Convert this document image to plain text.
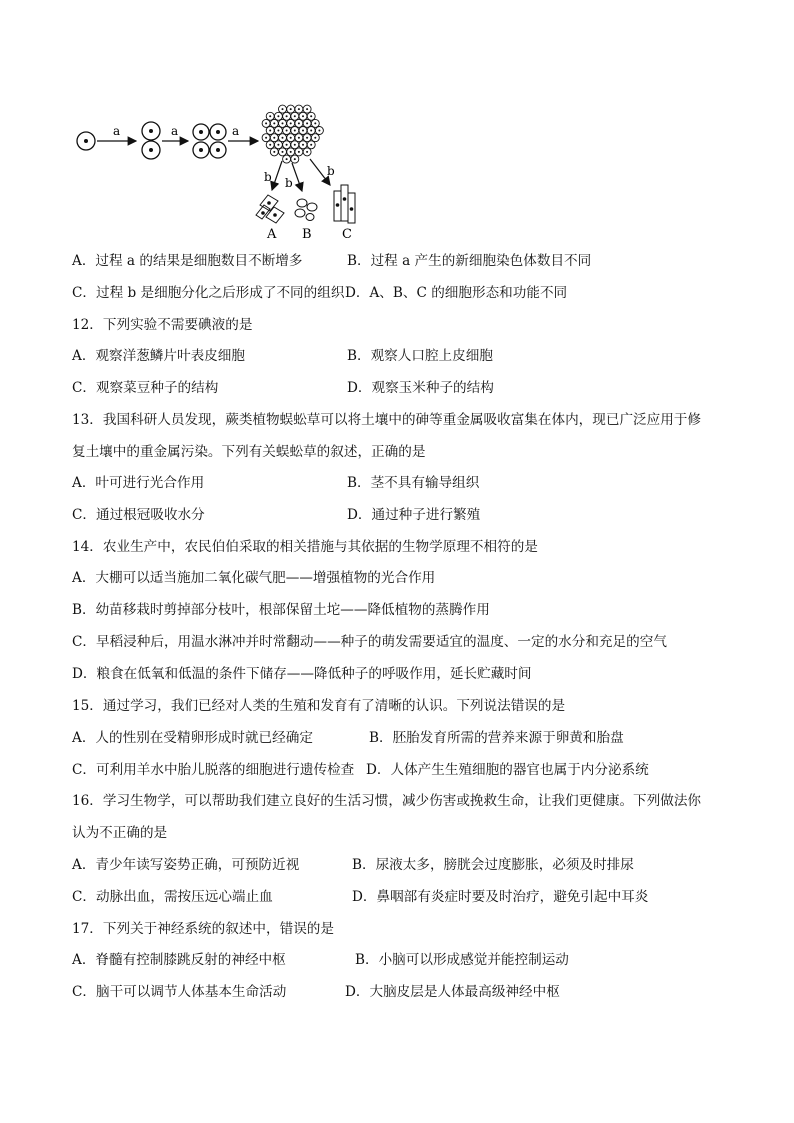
a	a	a
b b
b
A B C
A．过程 a 的结果是细胞数目不断增多	B．过程 a 产生的新细胞染色体数目不同
C．过程 b 是细胞分化之后形成了不同的组织 D．A、B、C 的细胞形态和功能不同
12．下列实验不需要碘液的是
A．观察洋葱鳞片叶表皮细胞	B．观察人口腔上皮细胞
C．观察菜豆种子的结构	D．观察玉米种子的结构
13．我国科研人员发现，蕨类植物蜈蚣草可以将土壤中的砷等重金属吸收富集在体内，现已广泛应用于修
复土壤中的重金属污染。下列有关蜈蚣草的叙述，正确的是
A．叶可进行光合作用	B．茎不具有输导组织
C．通过根冠吸收水分	D．通过种子进行繁殖
14．农业生产中，农民伯伯采取的相关措施与其依据的生物学原理不相符的是
A．大棚可以适当施加二氧化碳气肥——增强植物的光合作用
B．幼苗移栽时剪掉部分枝叶，根部保留土坨——降低植物的蒸腾作用
C．早稻浸种后，用温水淋冲并时常翻动——种子的萌发需要适宜的温度、一定的水分和充足的空气
D．粮食在低氧和低温的条件下储存——降低种子的呼吸作用，延长贮藏时间
15．通过学习，我们已经对人类的生殖和发育有了清晰的认识。下列说法错误的是
A．人的性别在受精卵形成时就已经确定	B．胚胎发育所需的营养来源于卵黄和胎盘
C．可利用羊水中胎儿脱落的细胞进行遗传检查 D．人体产生生殖细胞的器官也属于内分泌系统
16．学习生物学，可以帮助我们建立良好的生活习惯，减少伤害或挽救生命，让我们更健康。下列做法你
认为不正确的是
A．青少年读写姿势正确，可预防近视	B．尿液太多，膀胱会过度膨胀，必须及时排尿
C．动脉出血，需按压远心端止血	D．鼻咽部有炎症时要及时治疗，避免引起中耳炎
17．下列关于神经系统的叙述中，错误的是
A．脊髓有控制膝跳反射的神经中枢	B．小脑可以形成感觉并能控制运动
C．脑干可以调节人体基本生命活动	D．大脑皮层是人体最高级神经中枢
